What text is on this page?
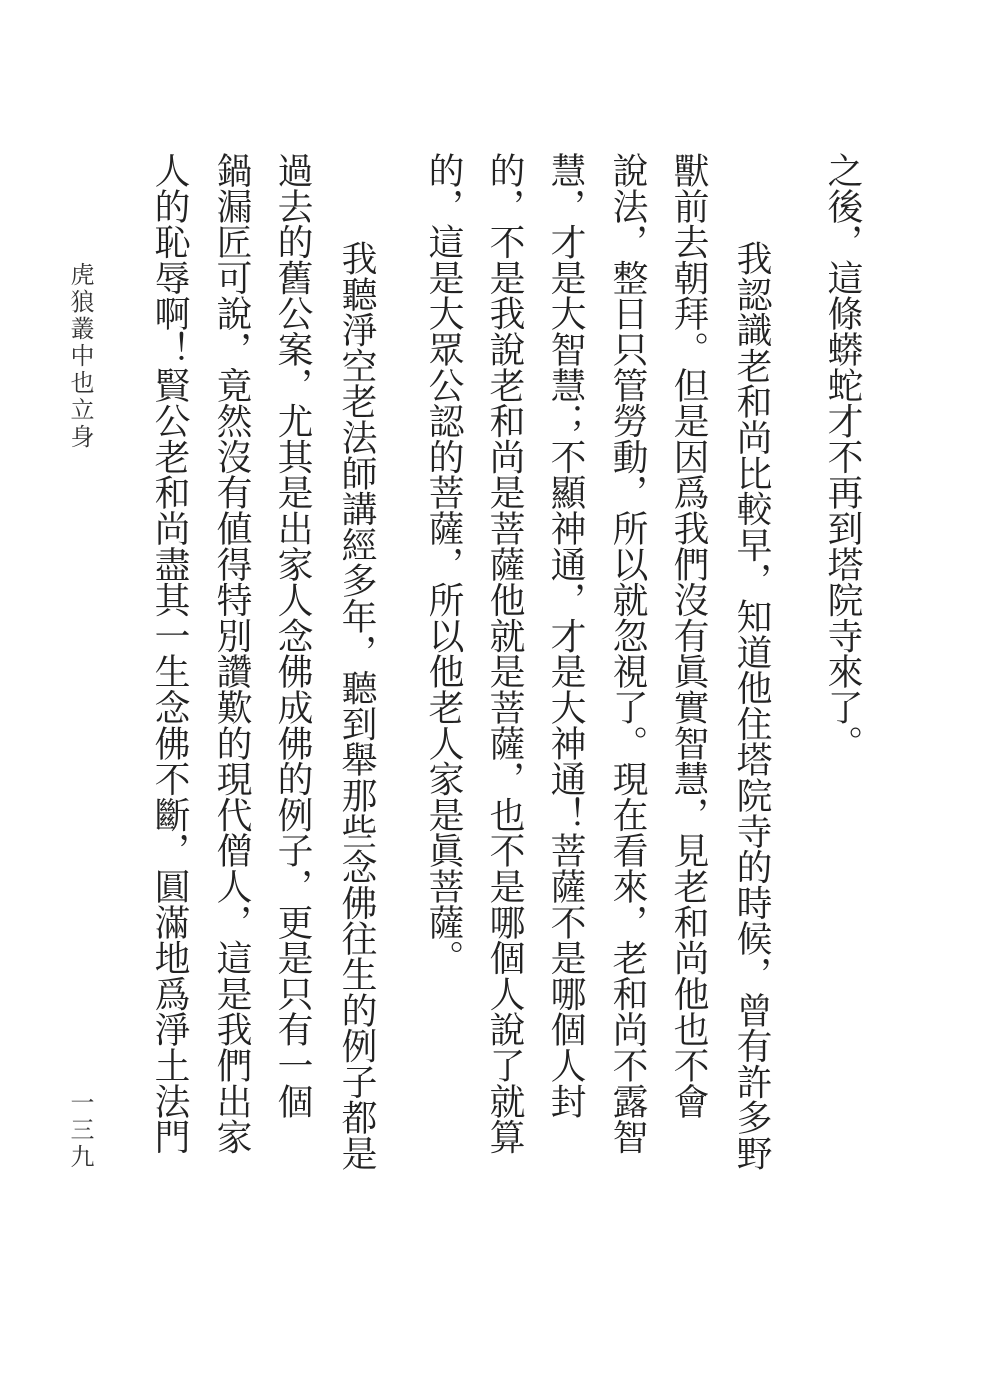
之後，這條蟒蛇才不再到塔院寺來了。
我認識老和尚比較早，知道他住塔院寺的時候，曾有許多野
獸前去朝拜。但是因爲我們沒有眞實智慧，見老和尚他也不會
說法，整日只管勞動，所以就忽視了。現在看來，老和尚不露智
慧，才是大智慧；不顯神通，才是大神通！菩薩不是哪個人封
的，不是我說老和尚是菩薩他就是菩薩，也不是哪個人說了就算
的，這是大眾公認的菩薩，所以他老人家是眞菩薩。
我聽淨空老法師講經多年，聽到舉那些念佛往生的例子都是
過去的舊公案，尤其是出家人念佛成佛的例子，更是只有一個
鍋漏匠可說，竟然沒有値得特別讚歎的現代僧人，這是我們出家
人的恥辱啊！賢公老和尚盡其一生念佛不斷，圓滿地爲淨土法門
虎狼叢中也立身
一三九
